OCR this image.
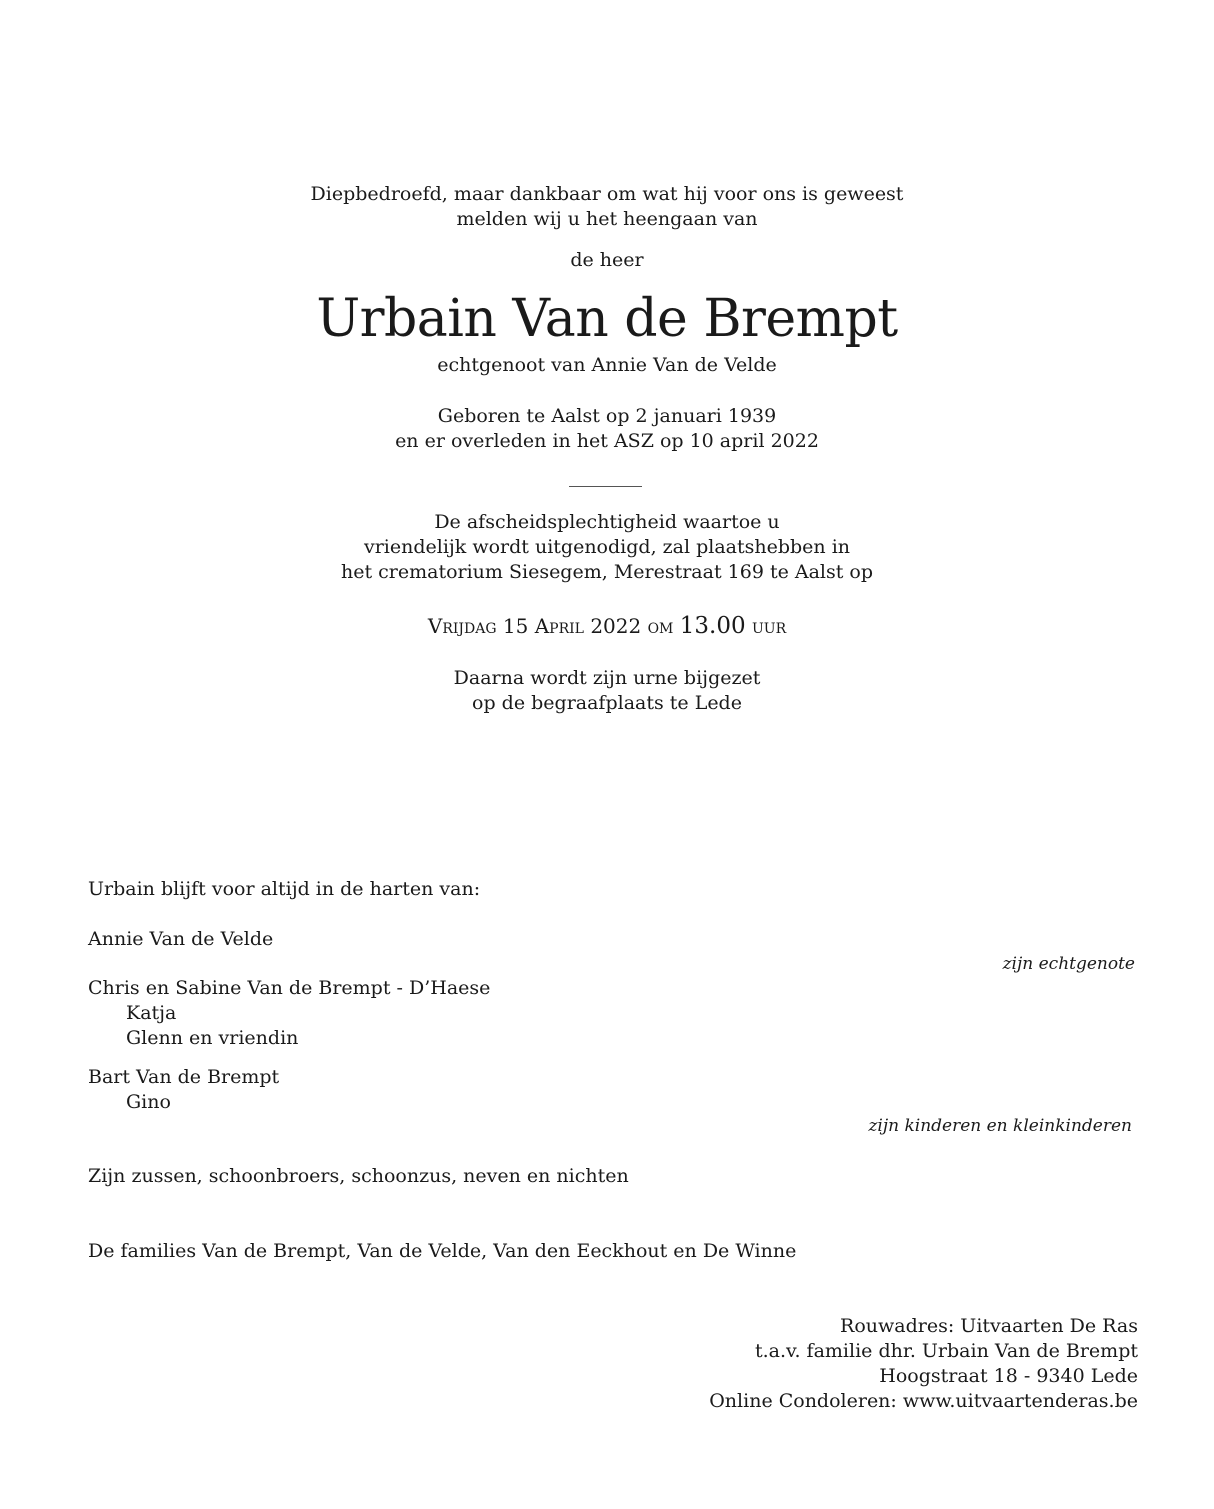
Diepbedroefd, maar dankbaar om wat hij voor ons is geweest
melden wij u het heengaan van
de heer
Urbain Van de Brempt
echtgenoot van Annie Van de Velde
Geboren te Aalst op 2 januari 1939
en er overleden in het ASZ op 10 april 2022
De afscheidsplechtigheid waartoe u
vriendelijk wordt uitgenodigd, zal plaatshebben in
het crematorium Siesegem, Merestraat 169 te Aalst op
Vrijdag 15 April 2022 om 13.00 uur
Daarna wordt zijn urne bijgezet
op de begraafplaats te Lede
Urbain blijft voor altijd in de harten van:
Annie Van de Velde
zijn echtgenote
Chris en Sabine Van de Brempt - D’Haese
Katja
Glenn en vriendin
Bart Van de Brempt
Gino
zijn kinderen en kleinkinderen
Zijn zussen, schoonbroers, schoonzus, neven en nichten
De families Van de Brempt, Van de Velde, Van den Eeckhout en De Winne
Rouwadres: Uitvaarten De Ras
t.a.v. familie dhr. Urbain Van de Brempt
Hoogstraat 18 - 9340 Lede
Online Condoleren: www.uitvaartenderas.be
